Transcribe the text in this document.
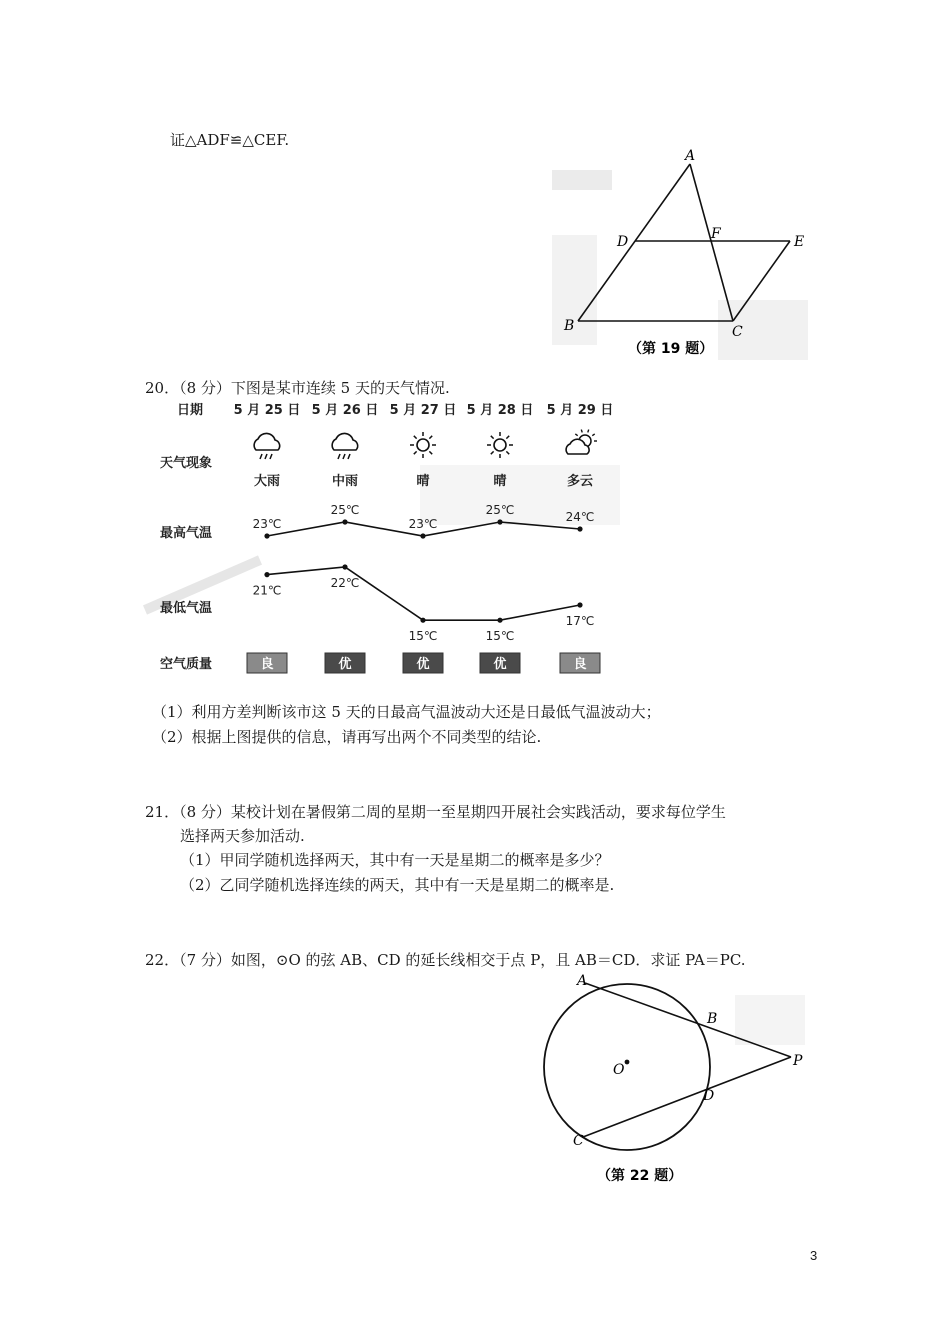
证△ADF≌△CEF.
A
B	C
D	E
F
（第 19 题）
20．（8 分）下图是某市连续 5 天的天气情况.
日期
天气现象
最高气温
最低气温
空气质量
5 月 25 日
大雨
23℃
21℃
良
5 月 26 日
中雨
25℃
22℃
优
5 月 27 日
晴
23℃
15℃
优
5 月 28 日
晴
25℃
15℃
优
5 月 29 日
多云
24℃
17℃
良
（1）利用方差判断该市这 5 天的日最高气温波动大还是日最低气温波动大；
（2）根据上图提供的信息，请再写出两个不同类型的结论.
21．（8 分）某校计划在暑假第二周的星期一至星期四开展社会实践活动，要求每位学生
选择两天参加活动.
（1）甲同学随机选择两天，其中有一天是星期二的概率是多少？
（2）乙同学随机选择连续的两天，其中有一天是星期二的概率是.
22．（7 分）如图，⊙O 的弦 AB、CD 的延长线相交于点 P，且 AB＝CD．求证 PA＝PC.
A
B
C
D
O
P
（第 22 题）
3
